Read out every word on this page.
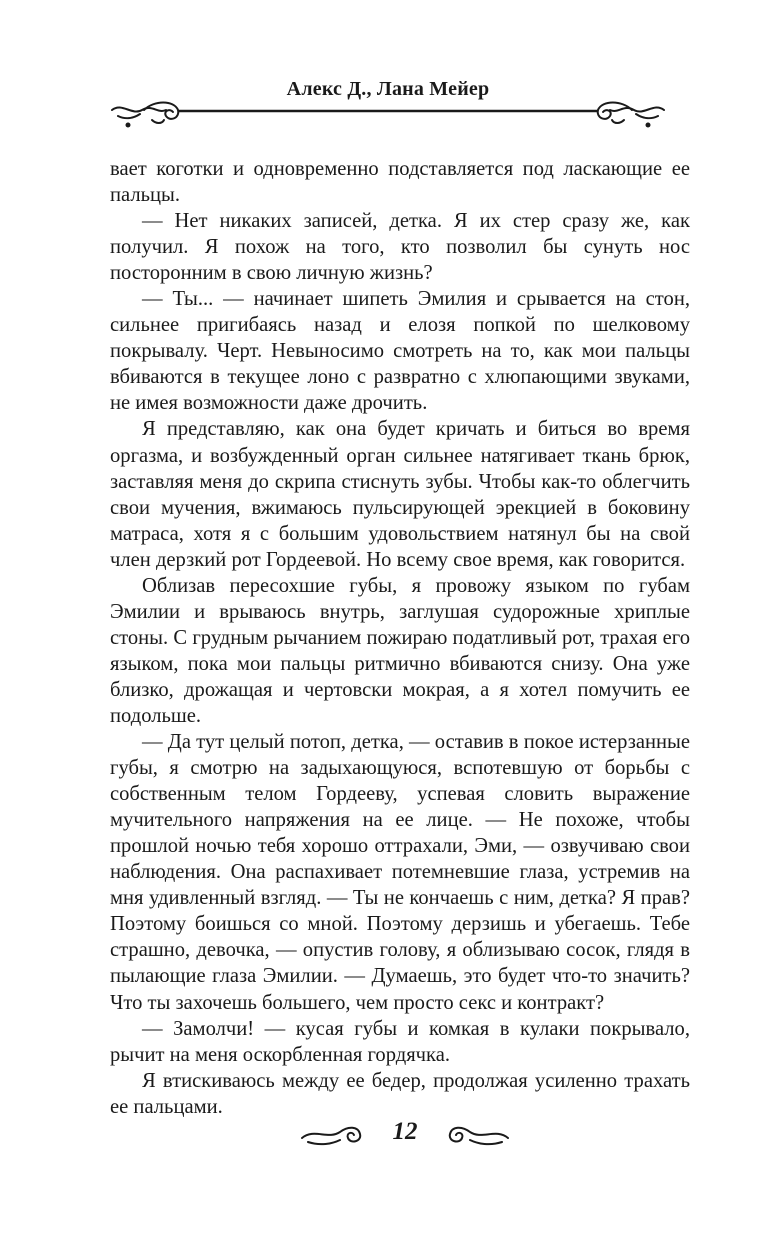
Алекс Д., Лана Мейер

вает коготки и одновременно подставляется под ласкающие ее пальцы.

— Нет никаких записей, детка. Я их стер сразу же, как получил. Я похож на того, кто позволил бы сунуть нос посторонним в свою личную жизнь?

— Ты... — начинает шипеть Эмилия и срывается на стон, сильнее пригибаясь назад и елозя попкой по шелковому покрывалу. Черт. Невыносимо смотреть на то, как мои пальцы вбиваются в текущее лоно с развратно с хлюпающими звуками, не имея возможности даже дрочить.

Я представляю, как она будет кричать и биться во время оргазма, и возбужденный орган сильнее натягивает ткань брюк, заставляя меня до скрипа стиснуть зубы. Чтобы как-то облегчить свои мучения, вжимаюсь пульсирующей эрекцией в боковину матраса, хотя я с большим удовольствием натянул бы на свой член дерзкий рот Гордеевой. Но всему свое время, как говорится.

Облизав пересохшие губы, я провожу языком по губам Эмилии и врываюсь внутрь, заглушая судорожные хриплые стоны. С грудным рычанием пожираю податливый рот, трахая его языком, пока мои пальцы ритмично вбиваются снизу. Она уже близко, дрожащая и чертовски мокрая, а я хотел помучить ее подольше.

— Да тут целый потоп, детка, — оставив в покое истерзанные губы, я смотрю на задыхающуюся, вспотевшую от борьбы с собственным телом Гордееву, успевая словить выражение мучительного напряжения на ее лице. — Не похоже, чтобы прошлой ночью тебя хорошо оттрахали, Эми, — озвучиваю свои наблюдения. Она распахивает потемневшие глаза, устремив на мня удивленный взгляд. — Ты не кончаешь с ним, детка? Я прав? Поэтому боишься со мной. Поэтому дерзишь и убегаешь. Тебе страшно, девочка, — опустив голову, я облизываю сосок, глядя в пылающие глаза Эмилии. — Думаешь, это будет что-то значить? Что ты захочешь большего, чем просто секс и контракт?

— Замолчи! — кусая губы и комкая в кулаки покрывало, рычит на меня оскорбленная гордячка.

Я втискиваюсь между ее бедер, продолжая усиленно трахать ее пальцами.

12
